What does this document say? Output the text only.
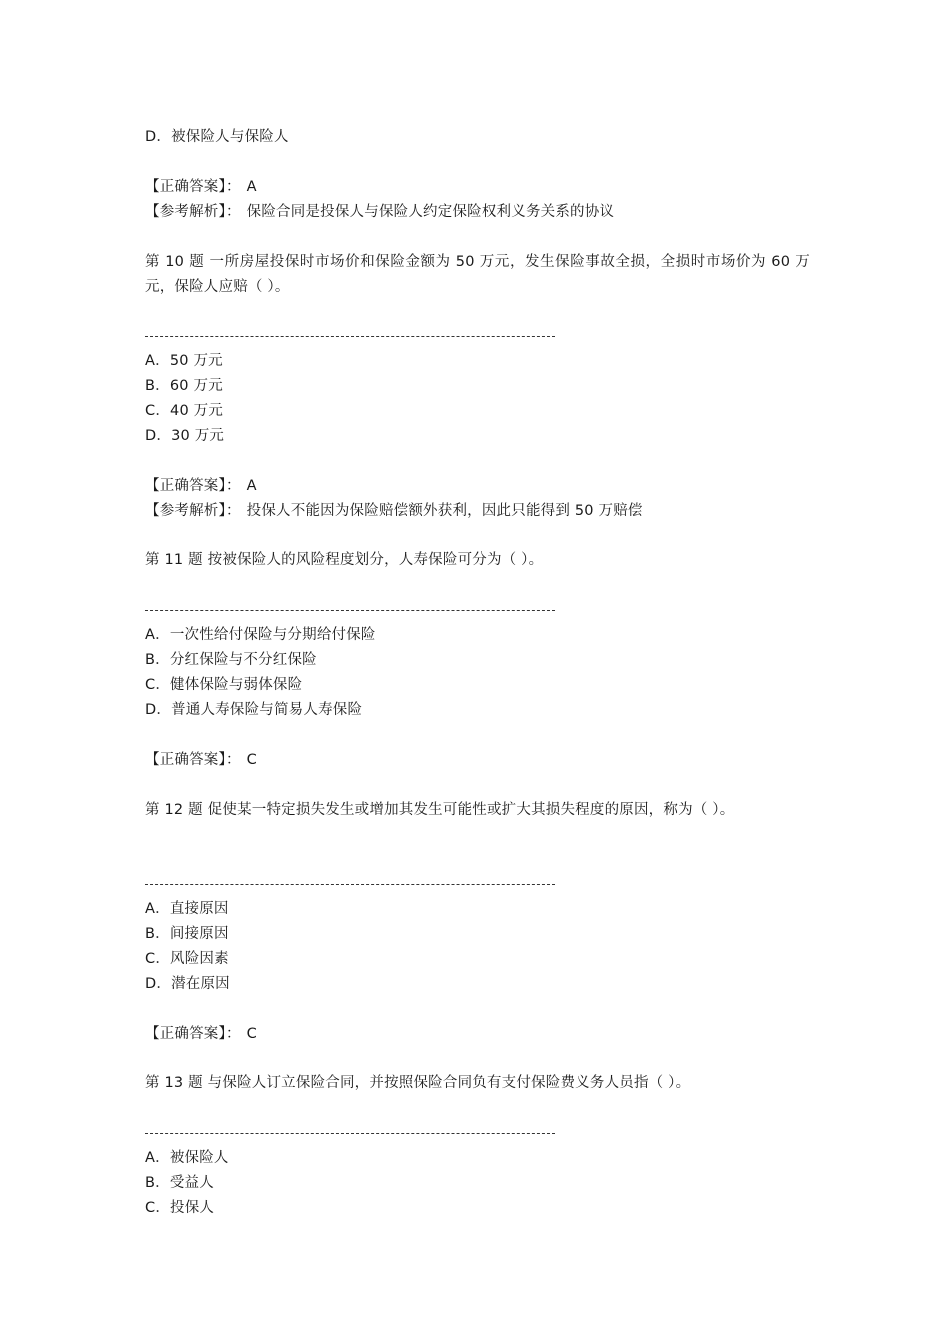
D．被保险人与保险人
【正确答案】： A
【参考解析】： 保险合同是投保人与保险人约定保险权利义务关系的协议
第 10 题 一所房屋投保时市场价和保险金额为 50 万元，发生保险事故全损，全损时市场价为 60 万元，保险人应赔（ ）。
A．50 万元
B．60 万元
C．40 万元
D．30 万元
【正确答案】： A
【参考解析】： 投保人不能因为保险赔偿额外获利，因此只能得到 50 万赔偿
第 11 题 按被保险人的风险程度划分，人寿保险可分为（ ）。
A．一次性给付保险与分期给付保险
B．分红保险与不分红保险
C．健体保险与弱体保险
D．普通人寿保险与简易人寿保险
【正确答案】： C
第 12 题 促使某一特定损失发生或增加其发生可能性或扩大其损失程度的原因，称为（ ）。
A．直接原因
B．间接原因
C．风险因素
D．潜在原因
【正确答案】： C
第 13 题 与保险人订立保险合同，并按照保险合同负有支付保险费义务人员指（ ）。
A．被保险人
B．受益人
C．投保人
